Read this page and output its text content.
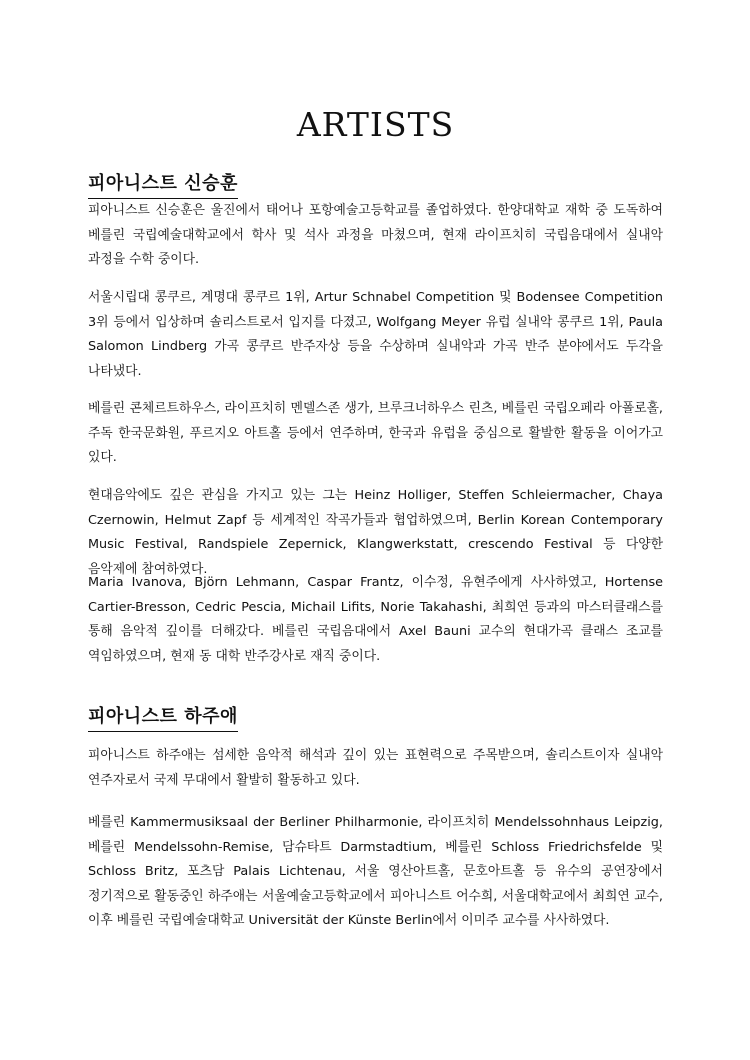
ARTISTS
피아니스트 신승훈

피아니스트 신승훈은 울진에서 태어나 포항예술고등학교를 졸업하였다. 한양대학교 재학 중 도독하여 베를린 국립예술대학교에서 학사 및 석사 과정을 마쳤으며, 현재 라이프치히 국립음대에서 실내악 과정을 수학 중이다.

서울시립대 콩쿠르, 계명대 콩쿠르 1위, Artur Schnabel Competition 및 Bodensee Competition 3위 등에서 입상하며 솔리스트로서 입지를 다졌고, Wolfgang Meyer 유럽 실내악 콩쿠르 1위, Paula Salomon Lindberg 가곡 콩쿠르 반주자상 등을 수상하며 실내악과 가곡 반주 분야에서도 두각을 나타냈다.

베를린 콘체르트하우스, 라이프치히 멘델스존 생가, 브루크너하우스 린츠, 베를린 국립오페라 아폴로홀, 주독 한국문화원, 푸르지오 아트홀 등에서 연주하며, 한국과 유럽을 중심으로 활발한 활동을 이어가고 있다.

현대음악에도 깊은 관심을 가지고 있는 그는 Heinz Holliger, Steffen Schleiermacher, Chaya Czernowin, Helmut Zapf 등 세계적인 작곡가들과 협업하였으며, Berlin Korean Contemporary Music Festival, Randspiele Zepernick, Klangwerkstatt, crescendo Festival 등 다양한 음악제에 참여하였다.

Maria Ivanova, Björn Lehmann, Caspar Frantz, 이수정, 유현주에게 사사하였고, Hortense Cartier-Bresson, Cedric Pescia, Michail Lifits, Norie Takahashi, 최희연 등과의 마스터클래스를 통해 음악적 깊이를 더해갔다. 베를린 국립음대에서 Axel Bauni 교수의 현대가곡 클래스 조교를 역임하였으며, 현재 동 대학 반주강사로 재직 중이다.

피아니스트 하주애

피아니스트 하주애는 섬세한 음악적 해석과 깊이 있는 표현력으로 주목받으며, 솔리스트이자 실내악 연주자로서 국제 무대에서 활발히 활동하고 있다.

베를린 Kammermusiksaal der Berliner Philharmonie, 라이프치히 Mendelssohnhaus Leipzig, 베를린 Mendelssohn-Remise, 담슈타트 Darmstadtium, 베를린 Schloss Friedrichsfelde 및 Schloss Britz, 포츠담 Palais Lichtenau, 서울 영산아트홀, 문호아트홀 등 유수의 공연장에서 정기적으로 활동중인 하주애는 서울예술고등학교에서 피아니스트 어수희, 서울대학교에서 최희연 교수, 이후 베를린 국립예술대학교 Universität der Künste Berlin에서 이미주 교수를 사사하였다.
